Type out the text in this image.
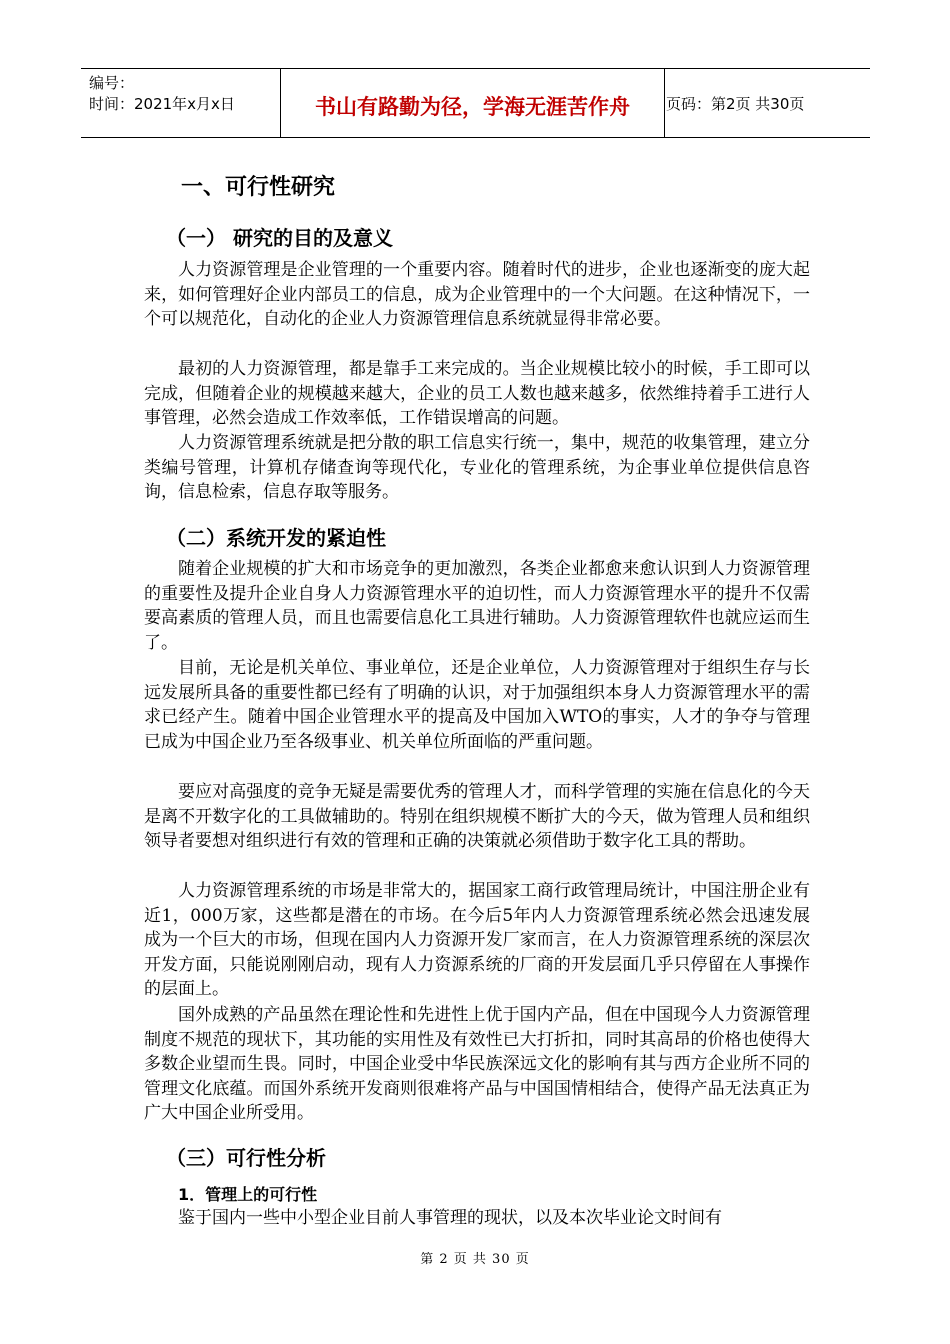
编号：
时间：2021年x月x日	书山有路勤为径，学海无涯苦作舟	页码：第2页 共30页
一、可行性研究
（一） 研究的目的及意义

人力资源管理是企业管理的一个重要内容。随着时代的进步，企业也逐渐变的庞大起来，如何管理好企业内部员工的信息，成为企业管理中的一个大问题。在这种情况下，一个可以规范化，自动化的企业人力资源管理信息系统就显得非常必要。

最初的人力资源管理，都是靠手工来完成的。当企业规模比较小的时候，手工即可以完成，但随着企业的规模越来越大，企业的员工人数也越来越多，依然维持着手工进行人事管理，必然会造成工作效率低，工作错误增高的问题。

人力资源管理系统就是把分散的职工信息实行统一，集中，规范的收集管理，建立分类编号管理，计算机存储查询等现代化，专业化的管理系统，为企事业单位提供信息咨询，信息检索，信息存取等服务。

（二）系统开发的紧迫性

随着企业规模的扩大和市场竞争的更加激烈，各类企业都愈来愈认识到人力资源管理的重要性及提升企业自身人力资源管理水平的迫切性，而人力资源管理水平的提升不仅需要高素质的管理人员，而且也需要信息化工具进行辅助。人力资源管理软件也就应运而生了。

目前，无论是机关单位、事业单位，还是企业单位，人力资源管理对于组织生存与长远发展所具备的重要性都已经有了明确的认识，对于加强组织本身人力资源管理水平的需求已经产生。随着中国企业管理水平的提高及中国加入WTO的事实，人才的争夺与管理已成为中国企业乃至各级事业、机关单位所面临的严重问题。

要应对高强度的竞争无疑是需要优秀的管理人才，而科学管理的实施在信息化的今天是离不开数字化的工具做辅助的。特别在组织规模不断扩大的今天，做为管理人员和组织领导者要想对组织进行有效的管理和正确的决策就必须借助于数字化工具的帮助。

人力资源管理系统的市场是非常大的，据国家工商行政管理局统计，中国注册企业有近1，000万家，这些都是潜在的市场。在今后5年内人力资源管理系统必然会迅速发展成为一个巨大的市场，但现在国内人力资源开发厂家而言，在人力资源管理系统的深层次开发方面，只能说刚刚启动，现有人力资源系统的厂商的开发层面几乎只停留在人事操作的层面上。

国外成熟的产品虽然在理论性和先进性上优于国内产品，但在中国现今人力资源管理制度不规范的现状下，其功能的实用性及有效性已大打折扣，同时其高昂的价格也使得大多数企业望而生畏。同时，中国企业受中华民族深远文化的影响有其与西方企业所不同的管理文化底蕴。而国外系统开发商则很难将产品与中国国情相结合，使得产品无法真正为广大中国企业所受用。

（三）可行性分析
1．管理上的可行性

鉴于国内一些中小型企业目前人事管理的现状，以及本次毕业论文时间有

第 2 页 共 30 页
